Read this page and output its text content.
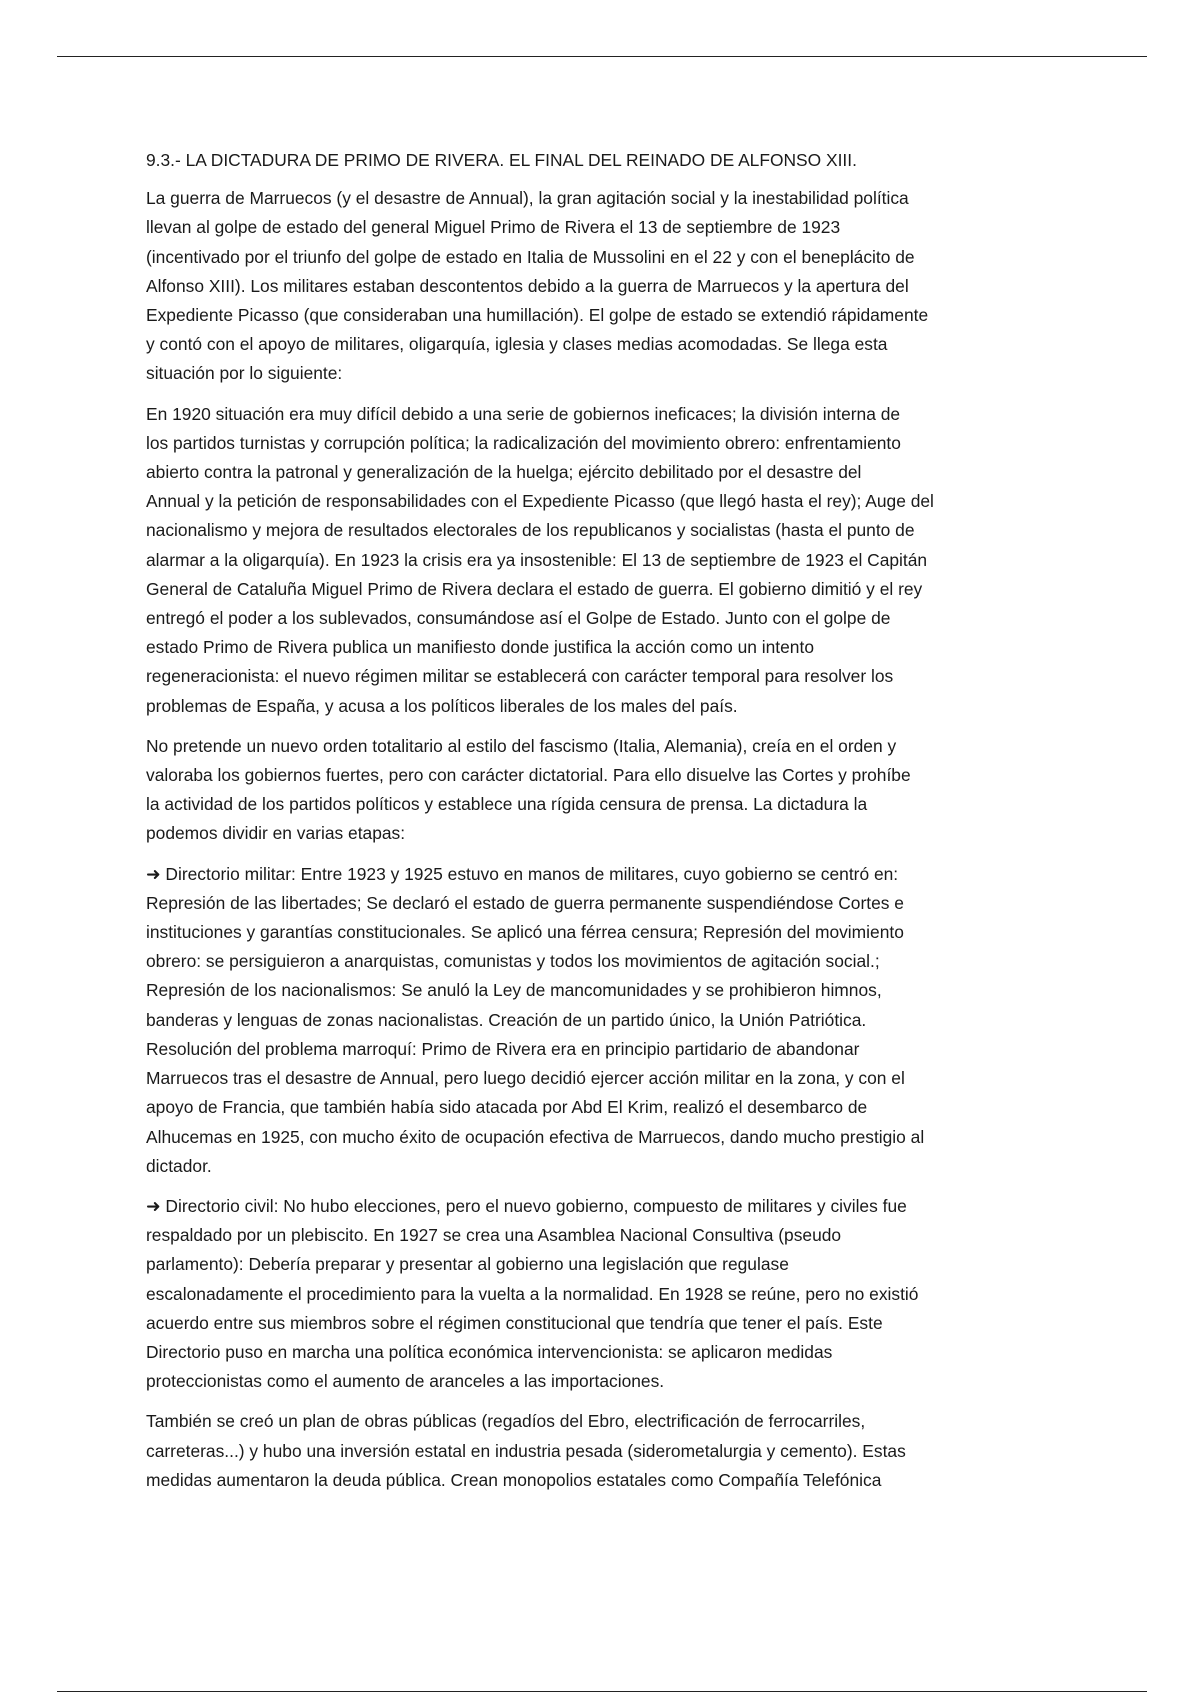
9.3.- LA DICTADURA DE PRIMO DE RIVERA. EL FINAL DEL REINADO DE ALFONSO XIII.

La guerra de Marruecos (y el desastre de Annual), la gran agitación social y la inestabilidad política
llevan al golpe de estado del general Miguel Primo de Rivera el 13 de septiembre de 1923
(incentivado por el triunfo del golpe de estado en Italia de Mussolini en el 22 y con el beneplácito de
Alfonso XIII). Los militares estaban descontentos debido a la guerra de Marruecos y la apertura del
Expediente Picasso (que consideraban una humillación). El golpe de estado se extendió rápidamente
y contó con el apoyo de militares, oligarquía, iglesia y clases medias acomodadas. Se llega esta
situación por lo siguiente:

En 1920 situación era muy difícil debido a una serie de gobiernos ineficaces; la división interna de
los partidos turnistas y corrupción política; la radicalización del movimiento obrero: enfrentamiento
abierto contra la patronal y generalización de la huelga; ejército debilitado por el desastre del
Annual y la petición de responsabilidades con el Expediente Picasso (que llegó hasta el rey); Auge del
nacionalismo y mejora de resultados electorales de los republicanos y socialistas (hasta el punto de
alarmar a la oligarquía). En 1923 la crisis era ya insostenible: El 13 de septiembre de 1923 el Capitán
General de Cataluña Miguel Primo de Rivera declara el estado de guerra. El gobierno dimitió y el rey
entregó el poder a los sublevados, consumándose así el Golpe de Estado. Junto con el golpe de
estado Primo de Rivera publica un manifiesto donde justifica la acción como un intento
regeneracionista: el nuevo régimen militar se establecerá con carácter temporal para resolver los
problemas de España, y acusa a los políticos liberales de los males del país.

No pretende un nuevo orden totalitario al estilo del fascismo (Italia, Alemania), creía en el orden y
valoraba los gobiernos fuertes, pero con carácter dictatorial. Para ello disuelve las Cortes y prohíbe
la actividad de los partidos políticos y establece una rígida censura de prensa. La dictadura la
podemos dividir en varias etapas:

➜ Directorio militar: Entre 1923 y 1925 estuvo en manos de militares, cuyo gobierno se centró en:
Represión de las libertades; Se declaró el estado de guerra permanente suspendiéndose Cortes e
instituciones y garantías constitucionales. Se aplicó una férrea censura; Represión del movimiento
obrero: se persiguieron a anarquistas, comunistas y todos los movimientos de agitación social.;
Represión de los nacionalismos: Se anuló la Ley de mancomunidades y se prohibieron himnos,
banderas y lenguas de zonas nacionalistas. Creación de un partido único, la Unión Patriótica.
Resolución del problema marroquí: Primo de Rivera era en principio partidario de abandonar
Marruecos tras el desastre de Annual, pero luego decidió ejercer acción militar en la zona, y con el
apoyo de Francia, que también había sido atacada por Abd El Krim, realizó el desembarco de
Alhucemas en 1925, con mucho éxito de ocupación efectiva de Marruecos, dando mucho prestigio al
dictador.

➜ Directorio civil: No hubo elecciones, pero el nuevo gobierno, compuesto de militares y civiles fue
respaldado por un plebiscito. En 1927 se crea una Asamblea Nacional Consultiva (pseudo
parlamento): Debería preparar y presentar al gobierno una legislación que regulase
escalonadamente el procedimiento para la vuelta a la normalidad. En 1928 se reúne, pero no existió
acuerdo entre sus miembros sobre el régimen constitucional que tendría que tener el país. Este
Directorio puso en marcha una política económica intervencionista: se aplicaron medidas
proteccionistas como el aumento de aranceles a las importaciones.

También se creó un plan de obras públicas (regadíos del Ebro, electrificación de ferrocarriles,
carreteras...) y hubo una inversión estatal en industria pesada (siderometalurgia y cemento). Estas
medidas aumentaron la deuda pública. Crean monopolios estatales como Compañía Telefónica
